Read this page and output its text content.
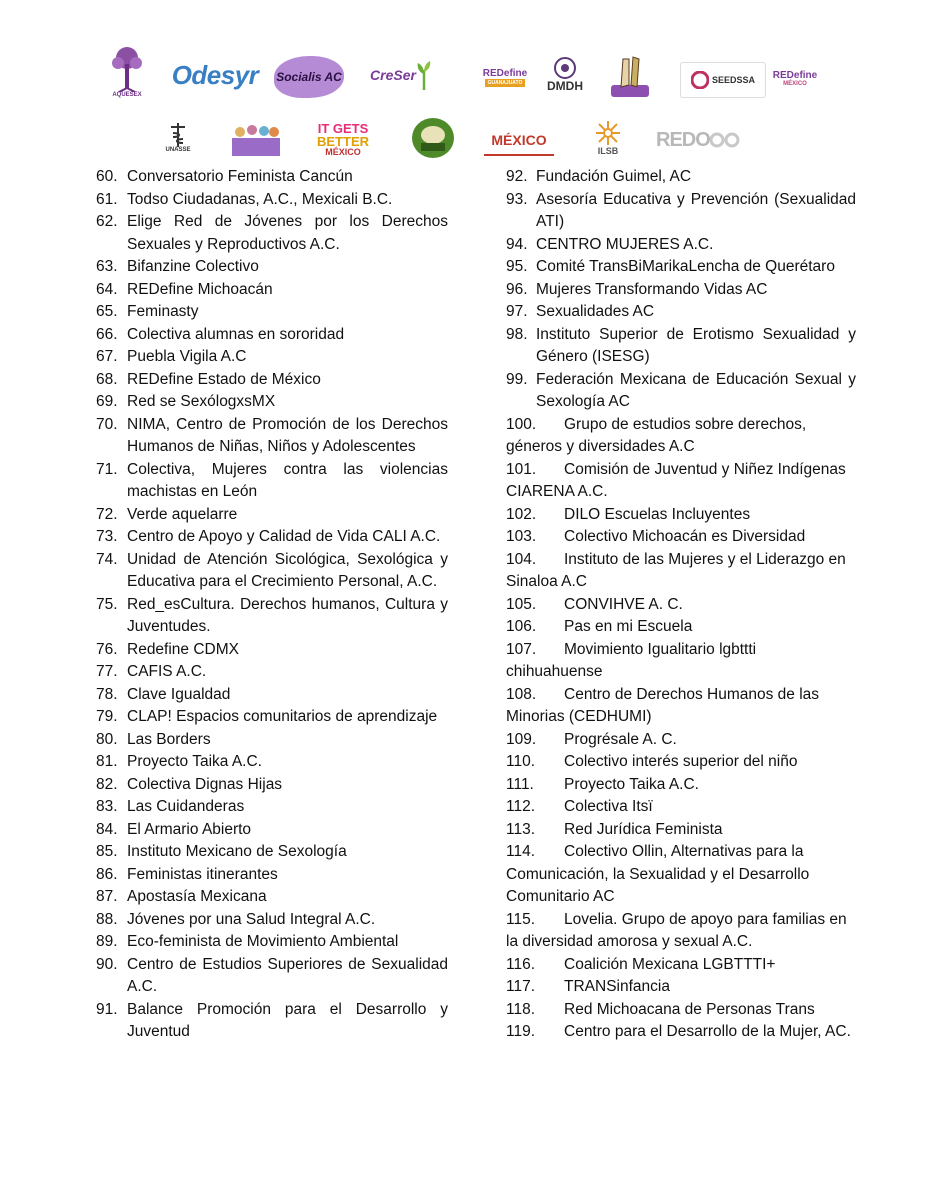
AQUESEX
Odesyr Socialis AC CreSer	REDefine
GUANAJUATO DMDH	SEEDSSA REDefine
MÉXICO
UNASSE
IT GETS
BETTER
MÉXICO
MÉXICO
ILSB
REDO
60. Conversatorio Feminista Cancún
61. Todso Ciudadanas, A.C., Mexicali B.C.
62. Elige Red de Jóvenes por los Derechos Sexuales y Reproductivos A.C.
63. Bifanzine Colectivo
64. REDefine Michoacán
65. Feminasty
66. Colectiva alumnas en sororidad
67. Puebla Vigila A.C
68. REDefine Estado de México
69. Red se SexólogxsMX
70. NIMA, Centro de Promoción de los Derechos Humanos de Niñas, Niños y Adolescentes
71. Colectiva, Mujeres contra las violencias machistas en León
72. Verde aquelarre
73. Centro de Apoyo y Calidad de Vida CALI A.C.
74. Unidad de Atención Sicológica, Sexológica y Educativa para el Crecimiento Personal, A.C.
75. Red_esCultura. Derechos humanos, Cultura y Juventudes.
76. Redefine CDMX
77. CAFIS A.C.
78. Clave Igualdad
79. CLAP! Espacios comunitarios de aprendizaje
80. Las Borders
81. Proyecto Taika A.C.
82. Colectiva Dignas Hijas
83. Las Cuidanderas
84. El Armario Abierto
85. Instituto Mexicano de Sexología
86. Feministas itinerantes
87. Apostasía Mexicana
88. Jóvenes por una Salud Integral A.C.
89. Eco-feminista de Movimiento Ambiental
90. Centro de Estudios Superiores de Sexualidad A.C.
91. Balance Promoción para el Desarrollo y Juventud
92. Fundación Guimel, AC
93. Asesoría Educativa y Prevención (Sexualidad ATI)
94. CENTRO MUJERES A.C.
95. Comité TransBiMarikaLencha de Querétaro
96. Mujeres Transformando Vidas AC
97. Sexualidades AC
98. Instituto Superior de Erotismo Sexualidad y Género (ISESG)
99. Federación Mexicana de Educación Sexual y Sexología AC
100. Grupo de estudios sobre derechos, géneros y diversidades A.C
101. Comisión de Juventud y Niñez Indígenas CIARENA A.C.
102. DILO Escuelas Incluyentes
103. Colectivo Michoacán es Diversidad
104. Instituto de las Mujeres y el Liderazgo en Sinaloa A.C
105. CONVIHVE A. C.
106. Pas en mi Escuela
107. Movimiento Igualitario lgbttti chihuahuense
108. Centro de Derechos Humanos de las Minorias (CEDHUMI)
109. Progrésale A. C.
110. Colectivo interés superior del niño
111. Proyecto Taika A.C.
112. Colectiva Itsï
113. Red Jurídica Feminista
114. Colectivo Ollin, Alternativas para la Comunicación, la Sexualidad y el Desarrollo Comunitario AC
115. Lovelia. Grupo de apoyo para familias en la diversidad amorosa y sexual A.C.
116. Coalición Mexicana LGBTTTI+
117. TRANSinfancia
118. Red Michoacana de Personas Trans
119. Centro para el Desarrollo de la Mujer, AC.
